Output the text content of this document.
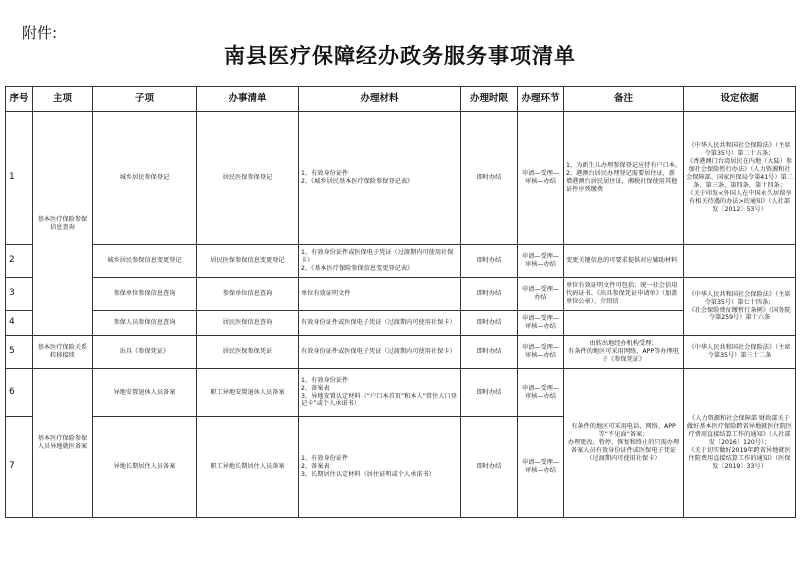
附件:
南县医疗保障经办政务服务事项清单
序号	主项	子项	办事清单	办理材料	办理时限	办理环节	备注	设定依据
1	基本医疗保险参保信息查询	城乡居民参保登记	居民医保参保登记	1、有效身份证件
2、《城乡居民基本医疗保险参保登记表》	即时办结	申请—受理—审核—办结	1、为新生儿办理参保登记应持有户口本。　2、港澳台居民办理登记需要居住证，新增港澳台居民居住证，湘税社保使用其他证件序列缴费	《中华人民共和国社会保险法》（主席令第35号）第二十五条；
《香港澳门台湾居民在内地（大陆）参加社会保险暂行办法》（人力资源和社会保障部、国家医保局令第41号）第二条、第三条、第四条、第十四条；
《关于印发<外国人在中国永久居留享有相关待遇的办法>的通知》（人社部发〔2012〕53号）
2		城乡居民参保信息变更登记	居民医保参保信息变更登记	1、有效身份证件或医保电子凭证（过渡期内可使用社保卡）
2、《基本医疗保险参保信息变更登记表》	即时办结	申请—受理—审核—办结	变更关键信息的可要求提供对应辅助材料	
3		参保单位参保信息查询	参保单位信息查询	单位有效证明文件	即时办结	申请—受理—办结	单位有效证明文件可包括：统一社会信用代码证书、《出具参保凭证申请单》（加盖单位公章）、介绍信	《中华人民共和国社会保险法》（主席令第35号）第七十四条；
《社会保险费征缴暂行条例》（国务院令第259号）第十六条
4		参保人员参保信息查询	居民医保信息查询	有效身份证件或医保电子凭证（过渡期内可使用社保卡）	即时办结	申请—受理—审核—办结		
5	基本医疗保险关系转移接续	出具《参保凭证》	居民医保参保凭证	有效身份证件或医保电子凭证（过渡期内可使用社保卡）	即时办结	申请—受理—审核—办结	由转出地经办机构受理；
有条件的地区可采用网络、APP等办理电子《参保凭证》	《中华人民共和国社会保险法》（主席令第35号）第三十二条
6	基本医疗保险参保人员异地就医备案	异地安置退休人员备案	职工异地安置退休人员备案	1、有效身份证件
2、备案表
3、异地安置认定材料（“户口本首页”和本人“常住人口登记卡”或个人承诺书）	即时办结	申请—受理—审核—办结	有条件的地区可采用电话、网络、APP等“不见面”备案；
办理更改、暂停、恢复和终止的只需办理备案人员有效身份证件或医保电子凭证（过渡期内可使用社保卡）	《人力资源和社会保障部 财政部关于做好基本医疗保险跨省异地就医住院医疗费用直接结算工作的通知》（人社部发〔2016〕120号）；
《关于切实做好2019年跨省异地就医住院费用直接结算工作的通知》（医保发〔2019〕33号）
7		异地长期居住人员备案	职工异地长期居住人员备案	1、有效身份证件
2、备案表
3、长期居住认定材料（居住证明或个人承诺书）	即时办结	申请—受理—审核—办结		
